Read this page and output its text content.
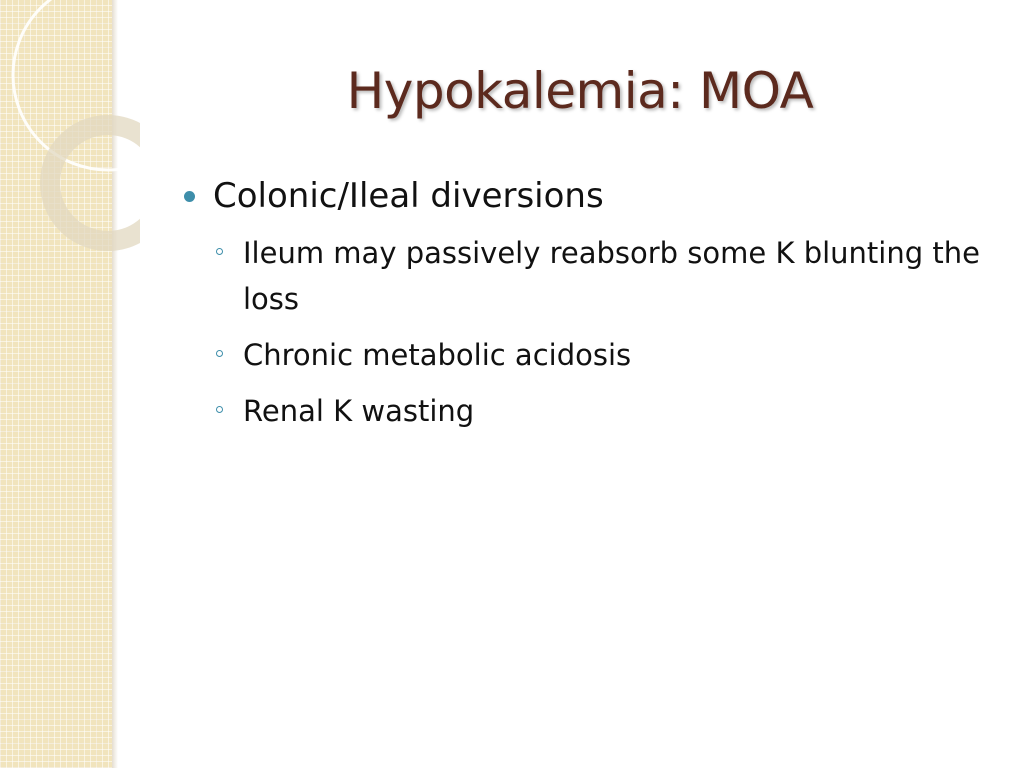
Hypokalemia: MOA
Colonic/Ileal diversions
Ileum may passively reabsorb some K blunting the loss
Chronic metabolic acidosis
Renal K wasting
